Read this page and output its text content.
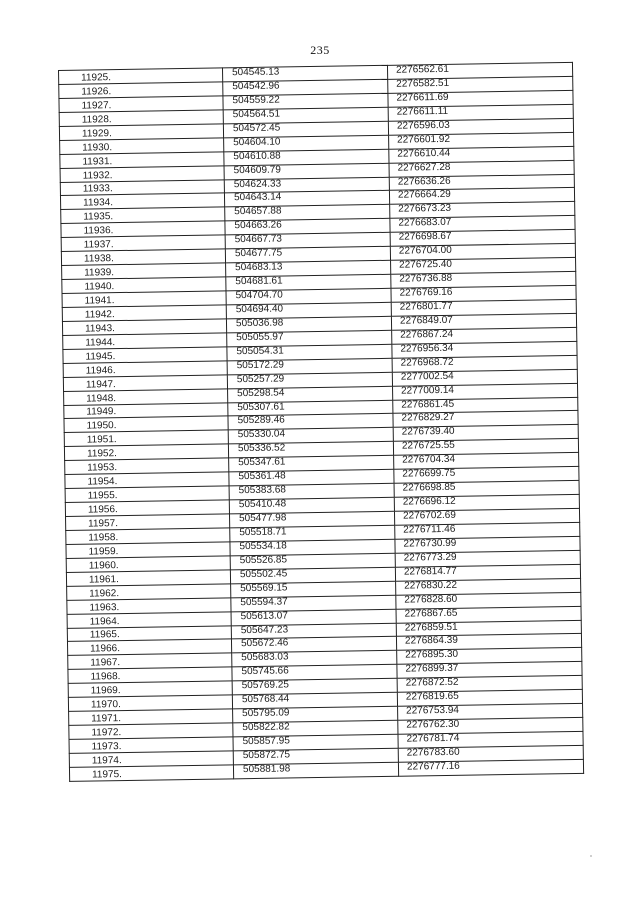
235
11925.	504545.13	2276562.61
11926.	504542.96	2276582.51
11927.	504559.22	2276611.69
11928.	504564.51	2276611.11
11929.	504572.45	2276596.03
11930.	504604.10	2276601.92
11931.	504610.88	2276610.44
11932.	504609.79	2276627.28
11933.	504624.33	2276636.26
11934.	504643.14	2276664.29
11935.	504657.88	2276673.23
11936.	504663.26	2276683.07
11937.	504667.73	2276698.67
11938.	504677.75	2276704.00
11939.	504683.13	2276725.40
11940.	504681.61	2276736.88
11941.	504704.70	2276769.16
11942.	504694.40	2276801.77
11943.	505036.98	2276849.07
11944.	505055.97	2276867.24
11945.	505054.31	2276956.34
11946.	505172.29	2276968.72
11947.	505257.29	2277002.54
11948.	505298.54	2277009.14
11949.	505307.61	2276861.45
11950.	505289.46	2276829.27
11951.	505330.04	2276739.40
11952.	505336.52	2276725.55
11953.	505347.61	2276704.34
11954.	505361.48	2276699.75
11955.	505383.68	2276698.85
11956.	505410.48	2276696.12
11957.	505477.98	2276702.69
11958.	505518.71	2276711.46
11959.	505534.18	2276730.99
11960.	505526.85	2276773.29
11961.	505502.45	2276814.77
11962.	505569.15	2276830.22
11963.	505594.37	2276828.60
11964.	505613.07	2276867.65
11965.	505647.23	2276859.51
11966.	505672.46	2276864.39
11967.	505683.03	2276895.30
11968.	505745.66	2276899.37
11969.	505769.25	2276872.52
11970.	505768.44	2276819.65
11971.	505795.09	2276753.94
11972.	505822.82	2276762.30
11973.	505857.95	2276781.74
11974.	505872.75	2276783.60
11975.	505881.98	2276777.16
